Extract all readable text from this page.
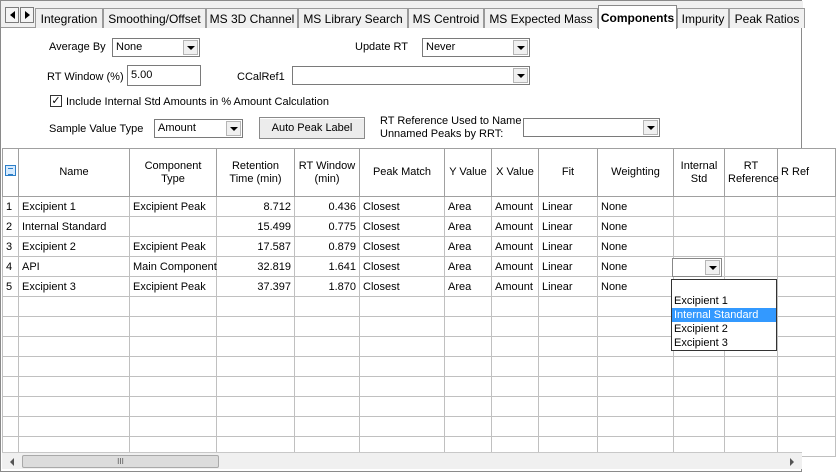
Integration Smoothing/Offset MS 3D Channel MS Library Search MS Centroid MS Expected Mass Components Impurity Peak Ratios
Average By None	Update RT Never
RT Window (%) 5.00	CCalRef1
✓ Include Internal Std Amounts in % Amount Calculation
Sample Value Type Amount	Auto Peak Label
RT Reference Used to Name
Unnamed Peaks by RRT:
	Name	Component Type	Retention Time (min)	RT Window (min)	Peak Match	Y Value	X Value	Fit	Weighting	Internal Std	RT Reference	R Ref
1	Excipient 1	Excipient Peak	8.712	0.436	Closest	Area	Amount	Linear	None			
2	Internal Standard		15.499	0.775	Closest	Area	Amount	Linear	None			
3	Excipient 2	Excipient Peak	17.587	0.879	Closest	Area	Amount	Linear	None			
4	API	Main Component	32.819	1.641	Closest	Area	Amount	Linear	None			
5	Excipient 3	Excipient Peak	37.397	1.870	Closest	Area	Amount	Linear	None			

Excipient 1
Internal Standard
Excipient 2
Excipient 3
III
